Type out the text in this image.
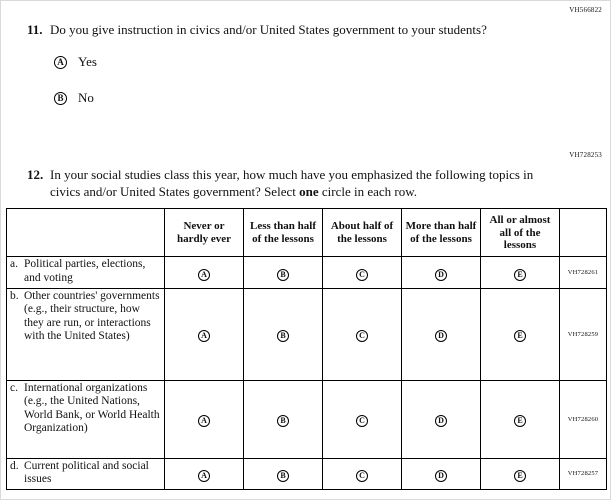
VH566822
11. Do you give instruction in civics and/or United States government to your students?
A Yes
B No
VH728253
12. In your social studies class this year, how much have you emphasized the following topics in civics and/or United States government? Select one circle in each row.
	Never or hardly ever	Less than half of the lessons	About half of the lessons	More than half of the lessons	All or almost all of the lessons	

a. Political parties, elections, and voting	A	B	C	D	E	VH728261

b. Other countries' governments (e.g., their structure, how they are run, or interactions with the United States)	A	B	C	D	E	VH728259

c. International organizations (e.g., the United Nations, World Bank, or World Health Organization)	A	B	C	D	E	VH728260

d. Current political and social issues	A	B	C	D	E	VH728257
